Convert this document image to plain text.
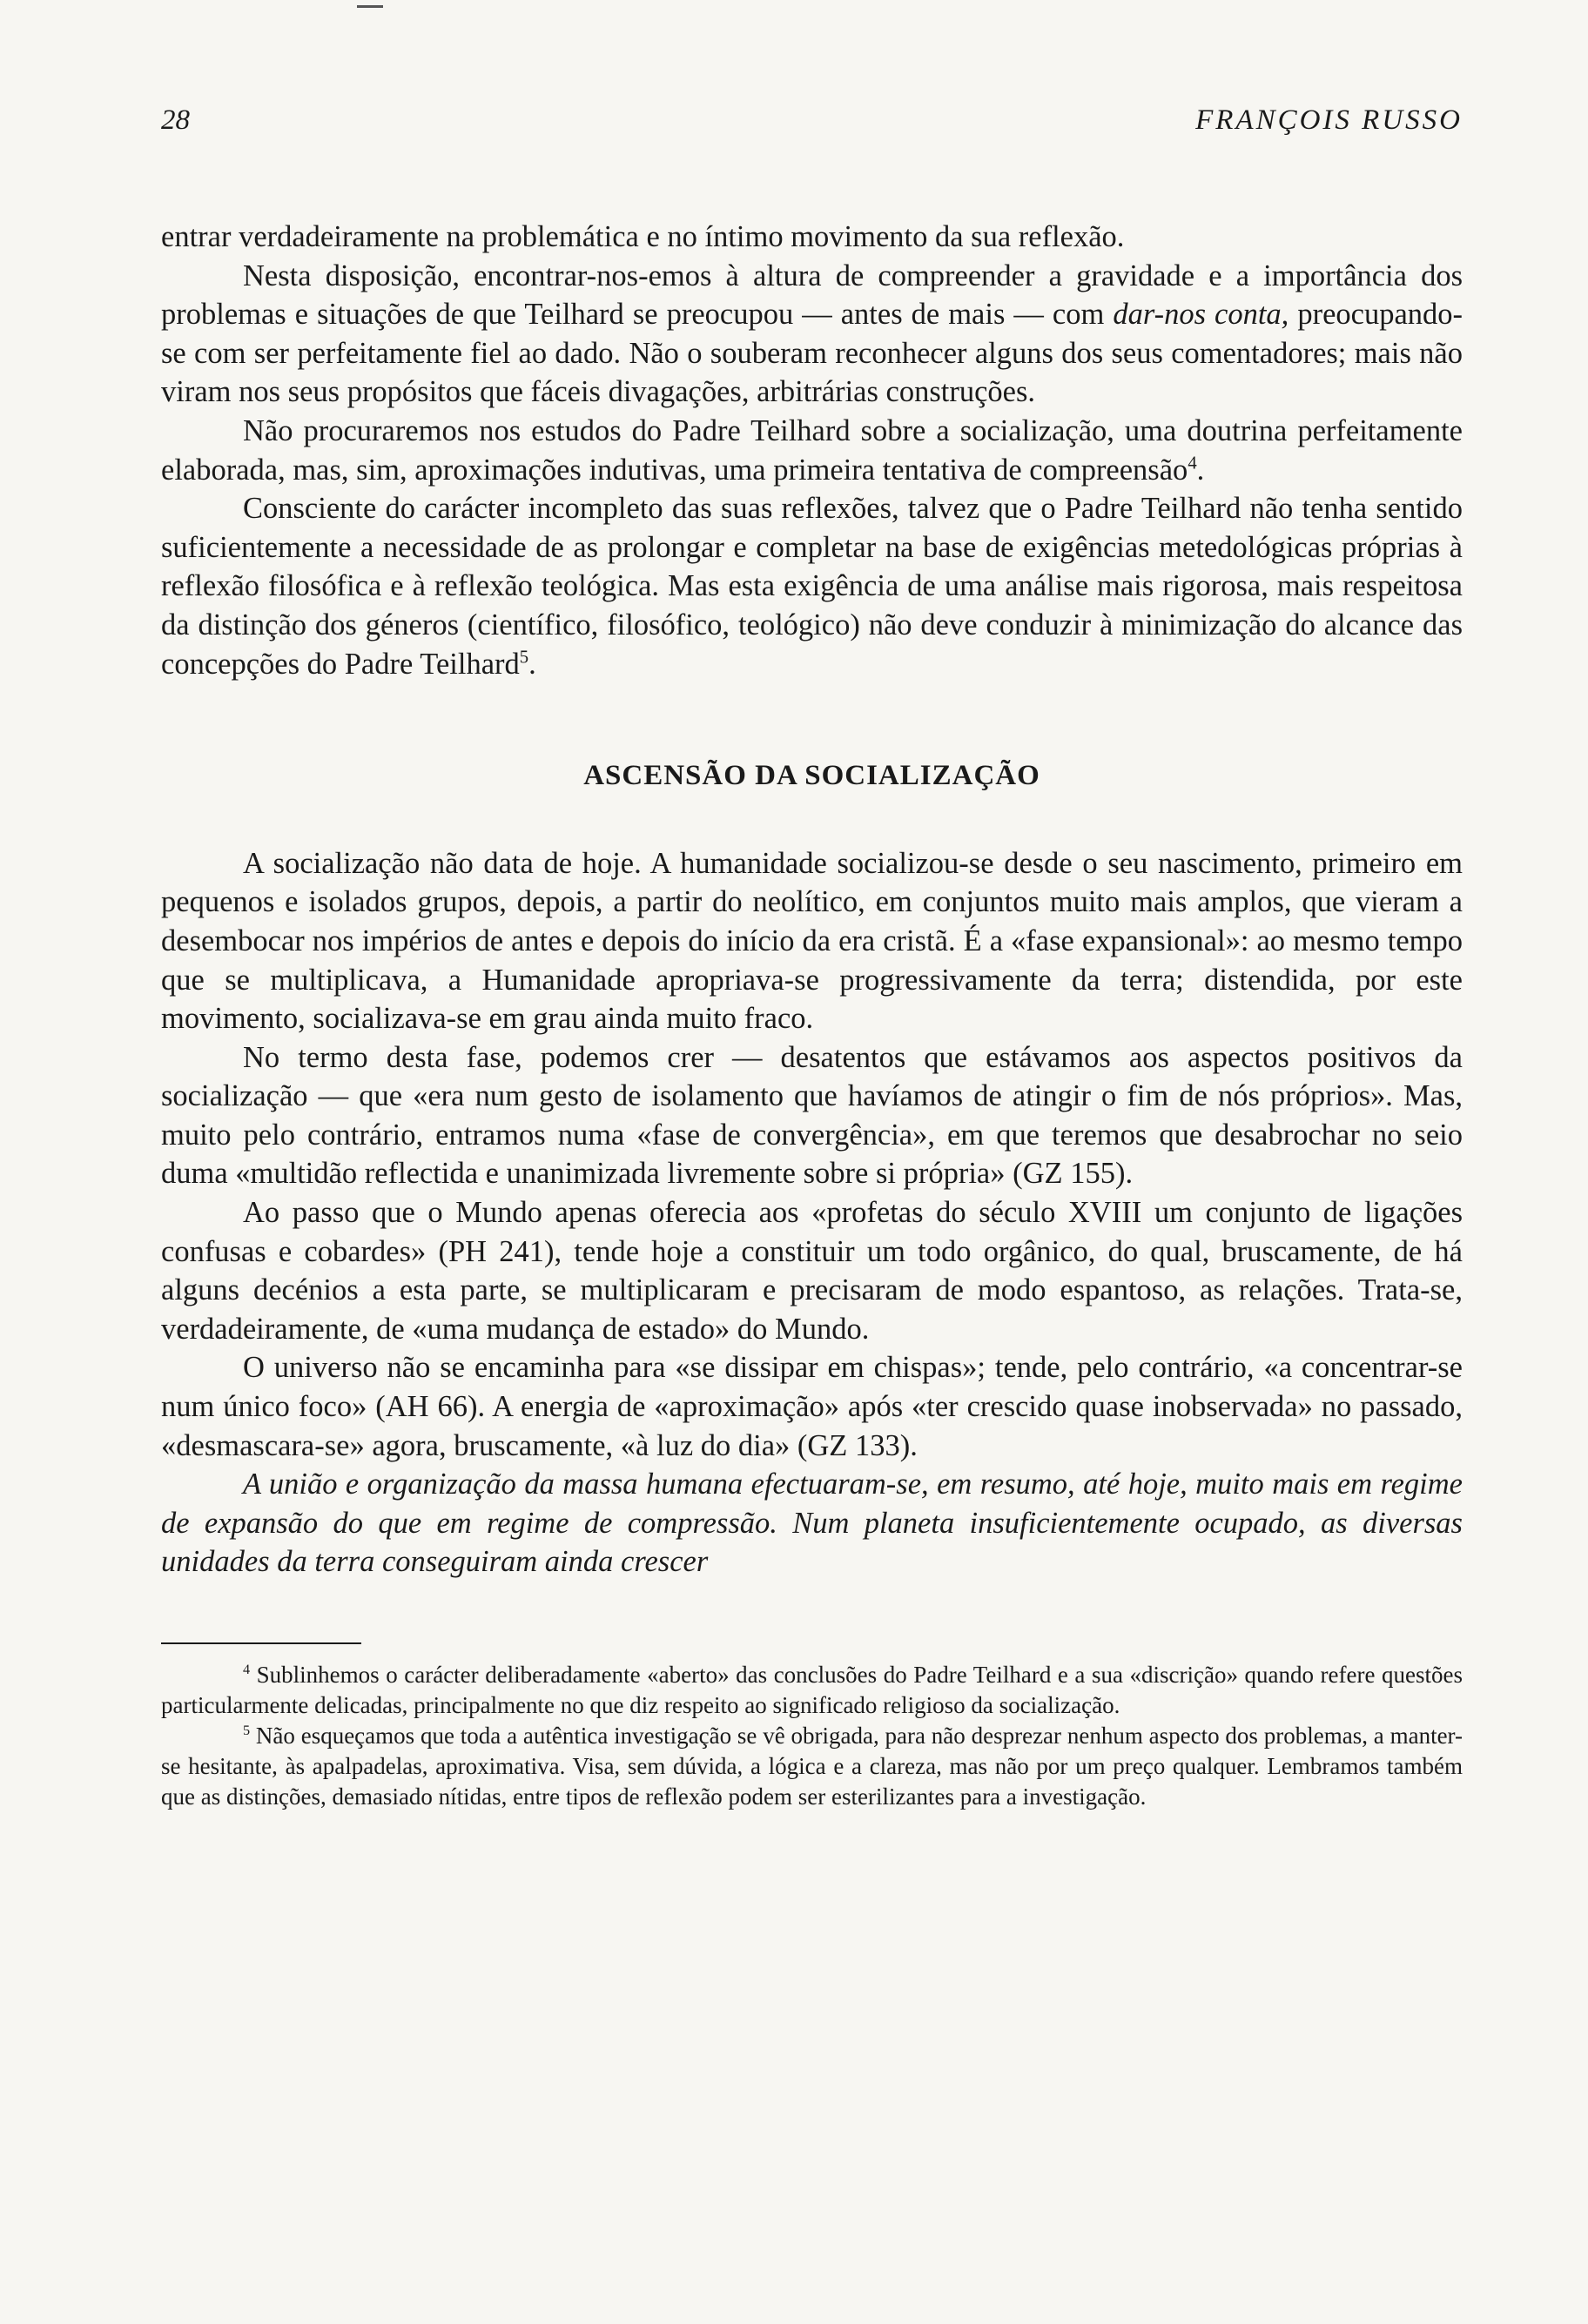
28	FRANÇOIS RUSSO

entrar verdadeiramente na problemática e no íntimo movimento da sua reflexão.

Nesta disposição, encontrar-nos-emos à altura de compreender a gravidade e a importância dos problemas e situações de que Teilhard se preocupou — antes de mais — com dar-nos conta, preocupando-se com ser perfeitamente fiel ao dado. Não o souberam reconhecer alguns dos seus comentadores; mais não viram nos seus propósitos que fáceis divagações, arbitrárias construções.

Não procuraremos nos estudos do Padre Teilhard sobre a socialização, uma doutrina perfeitamente elaborada, mas, sim, aproximações indutivas, uma primeira tentativa de compreensão$^4$.

Consciente do carácter incompleto das suas reflexões, talvez que o Padre Teilhard não tenha sentido suficientemente a necessidade de as prolongar e completar na base de exigências metedológicas próprias à reflexão filosófica e à reflexão teológica. Mas esta exigência de uma análise mais rigorosa, mais respeitosa da distinção dos géneros (científico, filosófico, teológico) não deve conduzir à minimização do alcance das concepções do Padre Teilhard$^5$.

ASCENSÃO DA SOCIALIZAÇÃO

A socialização não data de hoje. A humanidade socializou-se desde o seu nascimento, primeiro em pequenos e isolados grupos, depois, a partir do neolítico, em conjuntos muito mais amplos, que vieram a desembocar nos impérios de antes e depois do início da era cristã. É a «fase expansional»: ao mesmo tempo que se multiplicava, a Humanidade apropriava-se progressivamente da terra; distendida, por este movimento, socializava-se em grau ainda muito fraco.

No termo desta fase, podemos crer — desatentos que estávamos aos aspectos positivos da socialização — que «era num gesto de isolamento que havíamos de atingir o fim de nós próprios». Mas, muito pelo contrário, entramos numa «fase de convergência», em que teremos que desabrochar no seio duma «multidão reflectida e unanimizada livremente sobre si própria» (GZ 155).

Ao passo que o Mundo apenas oferecia aos «profetas do século XVIII um conjunto de ligações confusas e cobardes» (PH 241), tende hoje a constituir um todo orgânico, do qual, bruscamente, de há alguns decénios a esta parte, se multiplicaram e precisaram de modo espantoso, as relações. Trata-se, verdadeiramente, de «uma mudança de estado» do Mundo.

O universo não se encaminha para «se dissipar em chispas»; tende, pelo contrário, «a concentrar-se num único foco» (AH 66). A energia de «aproximação» após «ter crescido quase inobservada» no passado, «desmascara-se» agora, bruscamente, «à luz do dia» (GZ 133).

A união e organização da massa humana efectuaram-se, em resumo, até hoje, muito mais em regime de expansão do que em regime de compressão. Num planeta insuficientemente ocupado, as diversas unidades da terra conseguiram ainda crescer

$^4$ Sublinhemos o carácter deliberadamente «aberto» das conclusões do Padre Teilhard e a sua «discrição» quando refere questões particularmente delicadas, principalmente no que diz respeito ao significado religioso da socialização.

$^5$ Não esqueçamos que toda a autêntica investigação se vê obrigada, para não desprezar nenhum aspecto dos problemas, a manter-se hesitante, às apalpadelas, aproximativa. Visa, sem dúvida, a lógica e a clareza, mas não por um preço qualquer. Lembramos também que as distinções, demasiado nítidas, entre tipos de reflexão podem ser esterilizantes para a investigação.
